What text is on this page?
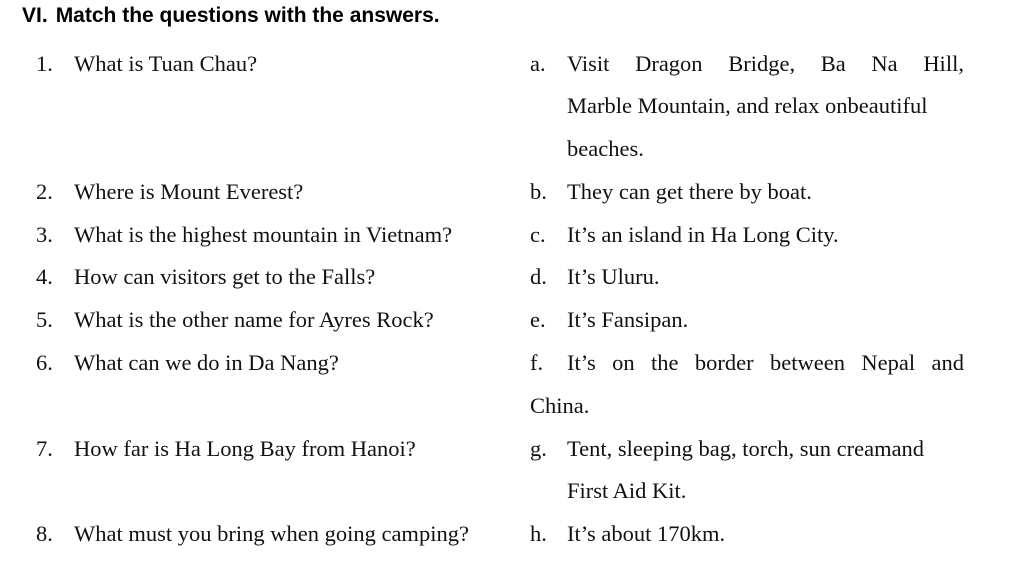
VI. Match the questions with the answers.
1. What is Tuan Chau?
2. Where is Mount Everest?
3. What is the highest mountain in Vietnam?
4. How can visitors get to the Falls?
5. What is the other name for Ayres Rock?
6. What can we do in Da Nang?
7. How far is Ha Long Bay from Hanoi?
8. What must you bring when going camping?
a. Visit Dragon Bridge, Ba Na Hill,
Marble Mountain, and relax onbeautiful
beaches.
b. They can get there by boat.
c. It’s an island in Ha Long City.
d. It’s Uluru.
e. It’s Fansipan.
f. It’s on the border between Nepal and
China.
g. Tent, sleeping bag, torch, sun creamand
First Aid Kit.
h. It’s about 170km.
